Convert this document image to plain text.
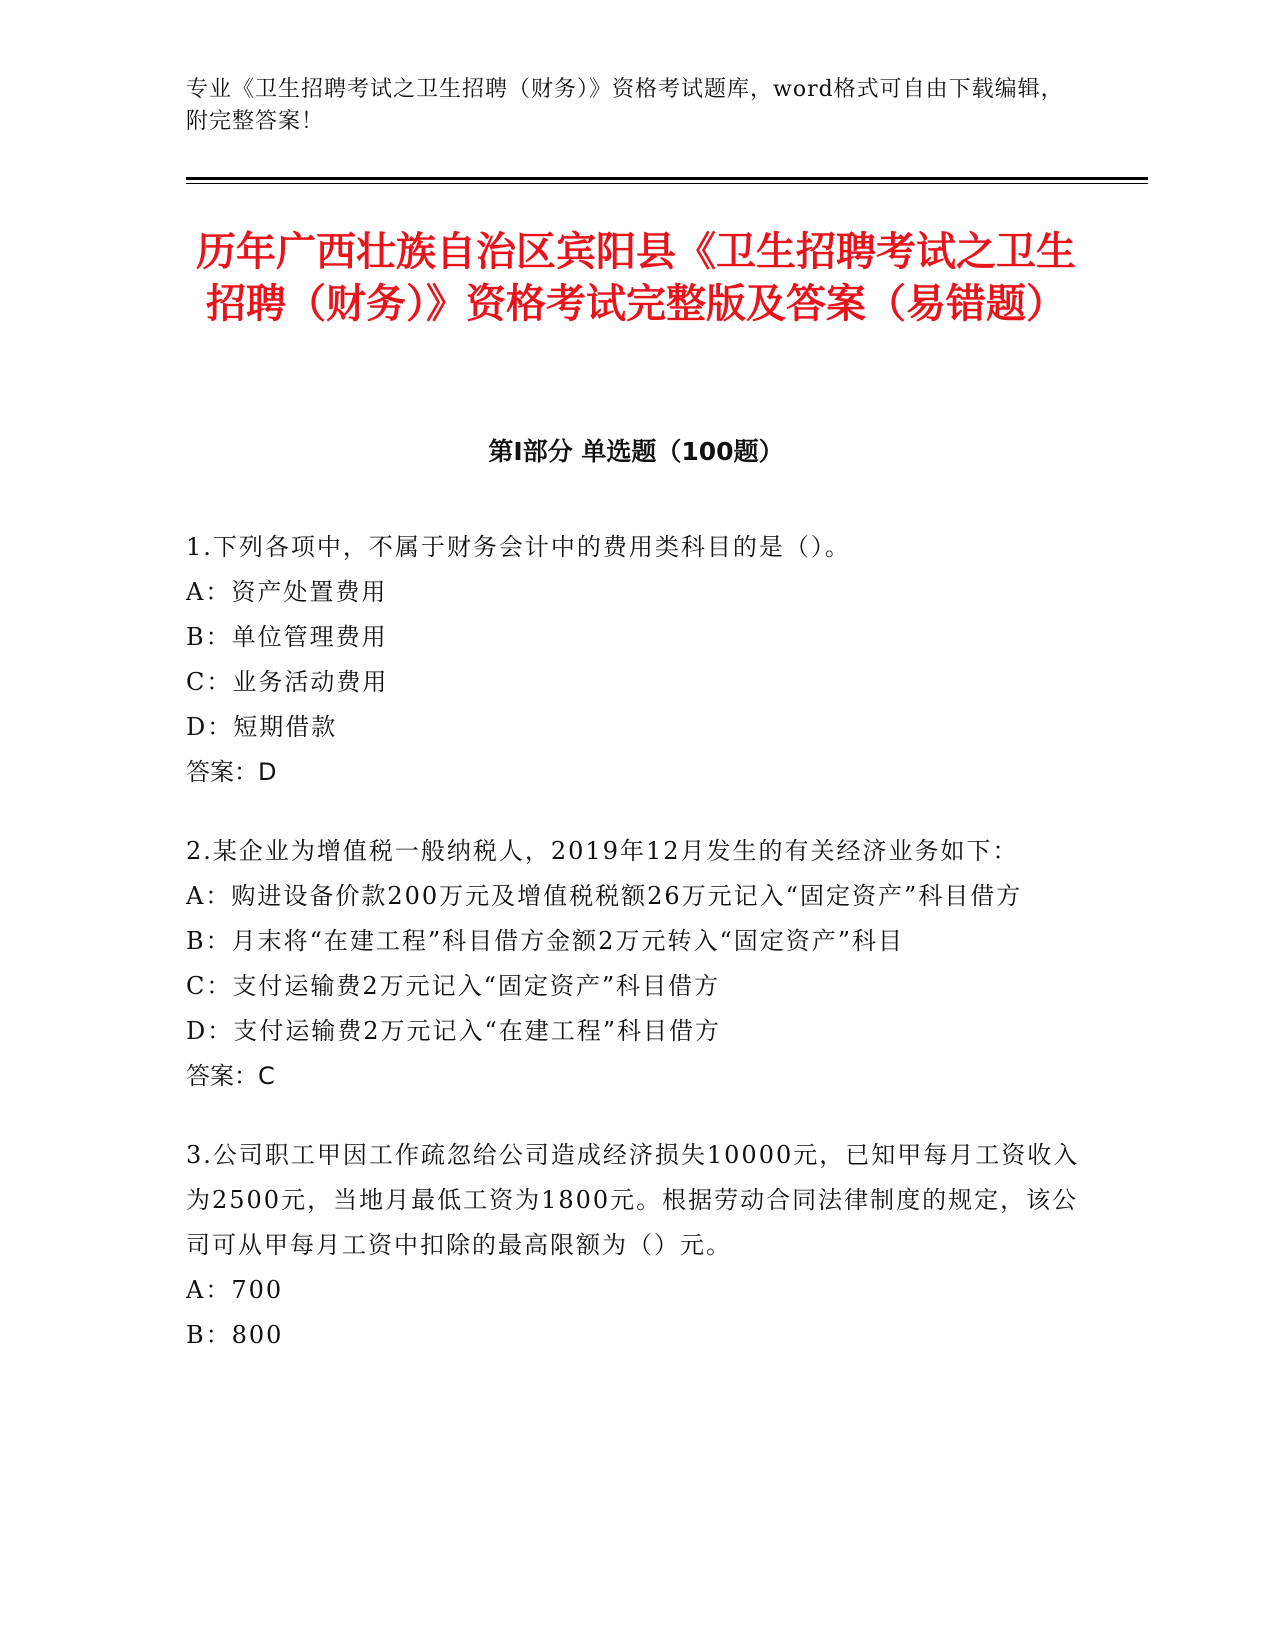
专业《卫生招聘考试之卫生招聘（财务）》资格考试题库，word格式可自由下载编辑，附完整答案！
历年广西壮族自治区宾阳县《卫生招聘考试之卫生招聘（财务）》资格考试完整版及答案（易错题）
第Ⅰ部分 单选题（100题）
1.下列各项中，不属于财务会计中的费用类科目的是（）。
A：资产处置费用
B：单位管理费用
C：业务活动费用
D：短期借款
答案：D
2.某企业为增值税一般纳税人，2019年12月发生的有关经济业务如下：
A：购进设备价款200万元及增值税税额26万元记入“固定资产”科目借方
B：月末将“在建工程”科目借方金额2万元转入“固定资产”科目
C：支付运输费2万元记入“固定资产”科目借方
D：支付运输费2万元记入“在建工程”科目借方
答案：C
3.公司职工甲因工作疏忽给公司造成经济损失10000元，已知甲每月工资收入为2500元，当地月最低工资为1800元。根据劳动合同法律制度的规定，该公司可从甲每月工资中扣除的最高限额为（）元。
A：700
B：800
